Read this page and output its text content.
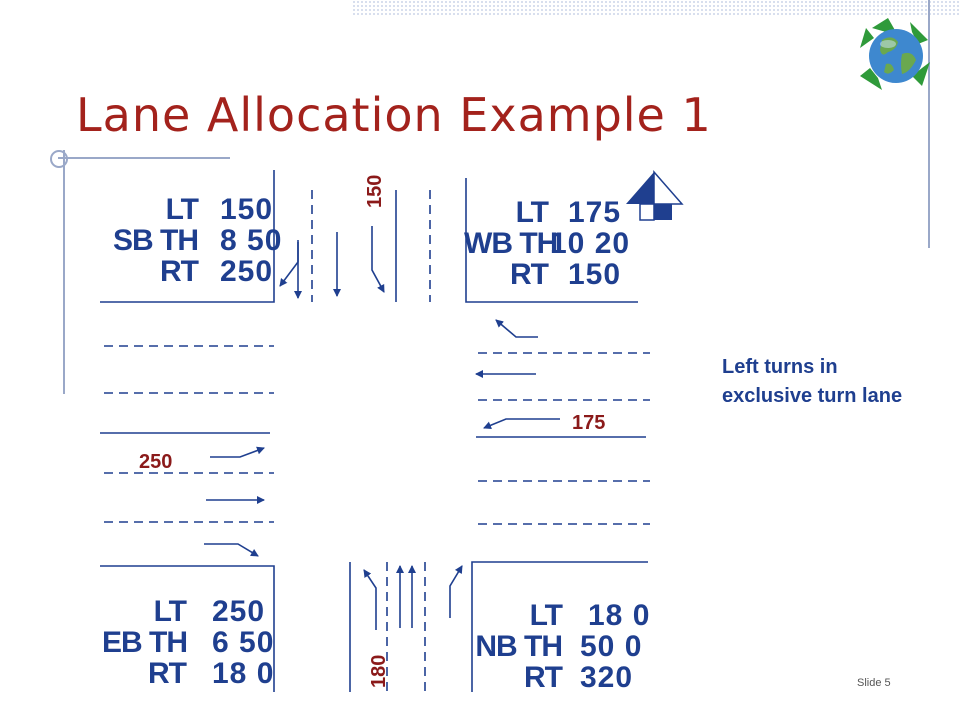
Lane Allocation Example 1
LT 150
SB TH 8 50
RT 250
LT 175
WB TH
10 20
RT 150
LT 250
EB TH 6 50
RT 18 0
LT 18 0
NB TH 50 0
RT 320
150
175
250
180
Left turns in
exclusive turn lane
Slide 5
